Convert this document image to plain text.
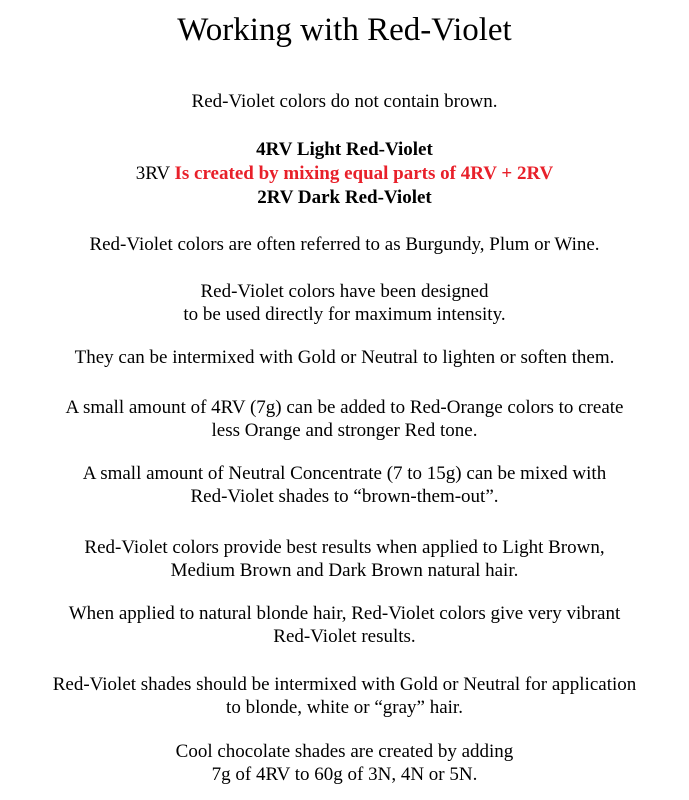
Working with Red-Violet
Red-Violet colors do not contain brown.
4RV Light Red-Violet
3RV Is created by mixing equal parts of 4RV + 2RV
2RV Dark Red-Violet
Red-Violet colors are often referred to as Burgundy, Plum or Wine.
Red-Violet colors have been designed
to be used directly for maximum intensity.
They can be intermixed with Gold or Neutral to lighten or soften them.
A small amount of 4RV (7g) can be added to Red-Orange colors to create
less Orange and stronger Red tone.
A small amount of Neutral Concentrate (7 to 15g) can be mixed with
Red-Violet shades to “brown-them-out”.
Red-Violet colors provide best results when applied to Light Brown,
Medium Brown and Dark Brown natural hair.
When applied to natural blonde hair, Red-Violet colors give very vibrant
Red-Violet results.
Red-Violet shades should be intermixed with Gold or Neutral for application
to blonde, white or “gray” hair.
Cool chocolate shades are created by adding
7g of 4RV to 60g of 3N, 4N or 5N.
